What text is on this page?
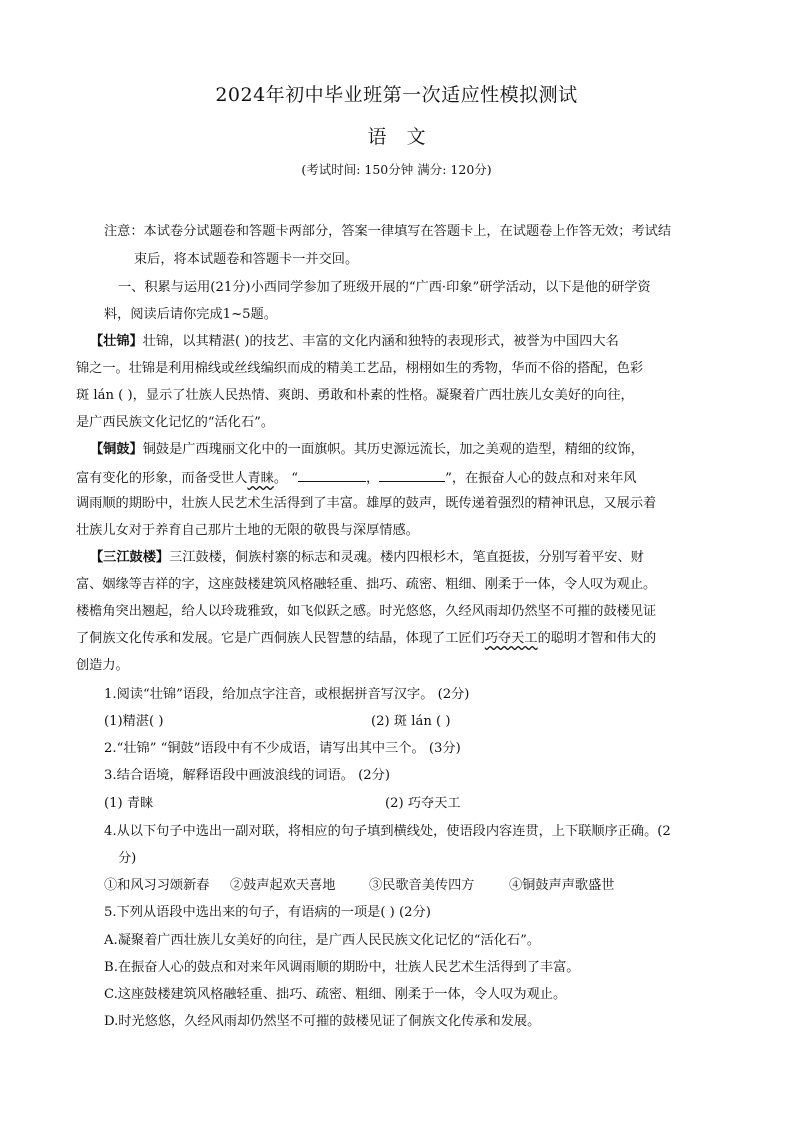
2024年初中毕业班第一次适应性模拟测试
语 文
(考试时间: 150分钟 满分: 120分)
注意：本试卷分试题卷和答题卡两部分，答案一律填写在答题卡上，在试题卷上作答无效；考试结
束后，将本试题卷和答题卡一并交回。
一、积累与运用(21分)小西同学参加了班级开展的“广西·印象”研学活动，以下是他的研学资
料，阅读后请你完成1~5题。
【壮锦】壮锦，以其精湛( )的技艺、丰富的文化内涵和独特的表现形式，被誉为中国四大名
锦之一。壮锦是利用棉线或丝线编织而成的精美工艺品，栩栩如生的秀物，华而不俗的搭配，色彩
斑 lán ( )，显示了壮族人民热情、爽朗、勇敢和朴素的性格。凝聚着广西壮族儿女美好的向往，
是广西民族文化记忆的“活化石”。
【铜鼓】铜鼓是广西瑰丽文化中的一面旗帜。其历史源远流长，加之美观的造型，精细的纹饰，
富有变化的形象，而备受世人青睐。 “	，	”，在振奋人心的鼓点和对来年风
调雨顺的期盼中，壮族人民艺术生活得到了丰富。雄厚的鼓声，既传递着强烈的精神讯息，又展示着
壮族儿女对于养育自己那片土地的无限的敬畏与深厚情感。
【三江鼓楼】三江鼓楼，侗族村寨的标志和灵魂。楼内四根杉木，笔直挺拔，分别写着平安、财
富、姻缘等吉祥的字，这座鼓楼建筑风格融轻重、拙巧、疏密、粗细、刚柔于一体，令人叹为观止。
楼檐角突出翘起，给人以玲珑雅致，如飞似跃之感。时光悠悠，久经风雨却仍然坚不可摧的鼓楼见证
了侗族文化传承和发展。它是广西侗族人民智慧的结晶，体现了工匠们巧夺天工的聪明才智和伟大的
创造力。
1.阅读“壮锦”语段，给加点字注音，或根据拼音写汉字。 (2分)
(1)精湛( )	(2) 斑 lán ( )
2.“壮锦” “铜鼓”语段中有不少成语，请写出其中三个。 (3分)
3.结合语境，解释语段中画波浪线的词语。 (2分)
(1) 青睐	(2) 巧夺天工
4.从以下句子中选出一副对联，将相应的句子填到横线处，使语段内容连贯，上下联顺序正确。(2
分)
①和风习习颂新春 ②鼓声起欢天喜地	③民歌音美传四方	④铜鼓声声歌盛世
5.下列从语段中选出来的句子，有语病的一项是( ) (2分)
A.凝聚着广西壮族儿女美好的向往，是广西人民民族文化记忆的“活化石”。
B.在振奋人心的鼓点和对来年风调雨顺的期盼中，壮族人民艺术生活得到了丰富。
C.这座鼓楼建筑风格融轻重、拙巧、疏密、粗细、刚柔于一体，令人叹为观止。
D.时光悠悠，久经风雨却仍然坚不可摧的鼓楼见证了侗族文化传承和发展。
